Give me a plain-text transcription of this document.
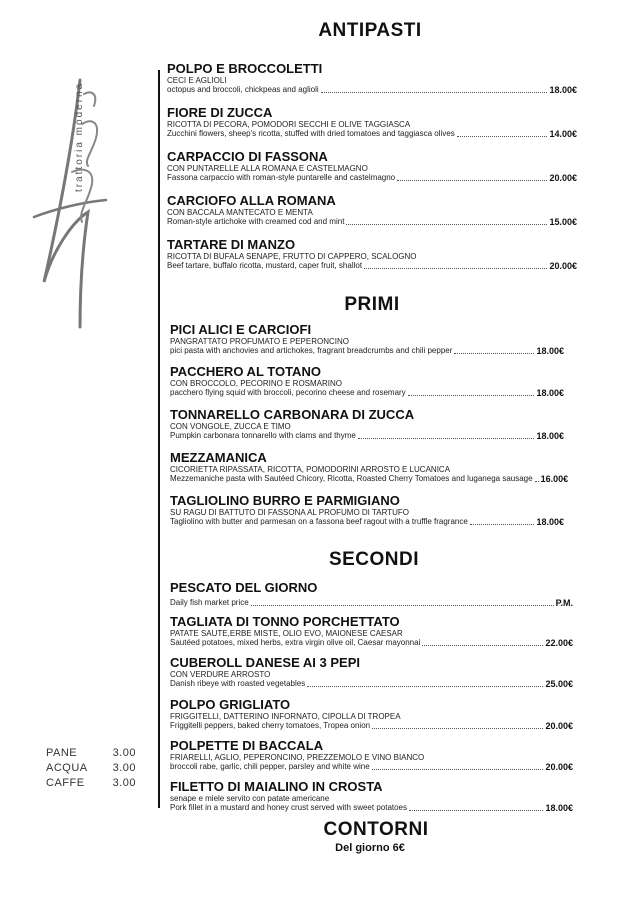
trattoria moderna
ANTIPASTI
POLPO E BROCCOLETTI
CECI E AGLIOLI
octopus and broccoli, chickpeas and aglioli	18.00€
FIORE DI ZUCCA
RICOTTA DI PECORA, POMODORI SECCHI E OLIVE TAGGIASCA
Zucchini flowers, sheep's ricotta, stuffed with dried tomatoes and taggiasca olives	14.00€
CARPACCIO DI FASSONA
CON PUNTARELLE ALLA ROMANA E CASTELMAGNO
Fassona carpaccio with roman-style puntarelle and castelmagno	20.00€
CARCIOFO ALLA ROMANA
CON BACCALA MANTECATO E MENTA
Roman-style artichoke with creamed cod and mint	15.00€
TARTARE DI MANZO
RICOTTA DI BUFALA SENAPE, FRUTTO DI CAPPERO, SCALOGNO
Beef tartare, buffalo ricotta, mustard, caper fruit, shallot	20.00€
PRIMI
PICI ALICI E CARCIOFI
PANGRATTATO PROFUMATO E PEPERONCINO
pici pasta with anchovies and artichokes, fragrant breadcrumbs and chili pepper	18.00€
PACCHERO AL TOTANO
CON BROCCOLO, PECORINO E ROSMARINO
pacchero flying squid with broccoli, pecorino cheese and rosemary	18.00€
TONNARELLO CARBONARA DI ZUCCA
CON VONGOLE, ZUCCA E TIMO
Pumpkin carbonara tonnarello with clams and thyme	18.00€
MEZZAMANICA
CICORIETTA RIPASSATA, RICOTTA, POMODORINI ARROSTO E LUCANICA
Mezzemaniche pasta with Sautéed Chicory, Ricotta, Roasted Cherry Tomatoes and luganega sausage 16.00€
TAGLIOLINO BURRO E PARMIGIANO
SU RAGU DI BATTUTO DI FASSONA AL PROFUMO DI TARTUFO
Tagliolino with butter and parmesan on a fassona beef ragout with a truffle fragrance	18.00€
SECONDI
PESCATO DEL GIORNO
Daily fish market price	P.M.
TAGLIATA DI TONNO PORCHETTATO
PATATE SAUTE,ERBE MISTE, OLIO EVO, MAIONESE CAESAR
Sautéed potatoes, mixed herbs, extra virgin olive oil, Caesar mayonnai	22.00€
CUBEROLL DANESE AI 3 PEPI
CON VERDURE ARROSTO
Danish ribeye with roasted vegetables	25.00€
POLPO GRIGLIATO
FRIGGITELLI, DATTERINO INFORNATO, CIPOLLA DI TROPEA
Friggitelli peppers, baked cherry tomatoes, Tropea onion	20.00€
POLPETTE DI BACCALA
FRIARELLI, AGLIO, PEPERONCINO, PREZZEMOLO E VINO BIANCO
broccoli rabe, garlic, chili pepper, parsley and white wine	20.00€
FILETTO DI MAIALINO IN CROSTA
senape e miele servito con patate americane
Pork fillet in a mustard and honey crust served with sweet potatoes	18.00€
CONTORNI
Del giorno 6€
PANE	3.00
ACQUA 3.00
CAFFE	3.00
